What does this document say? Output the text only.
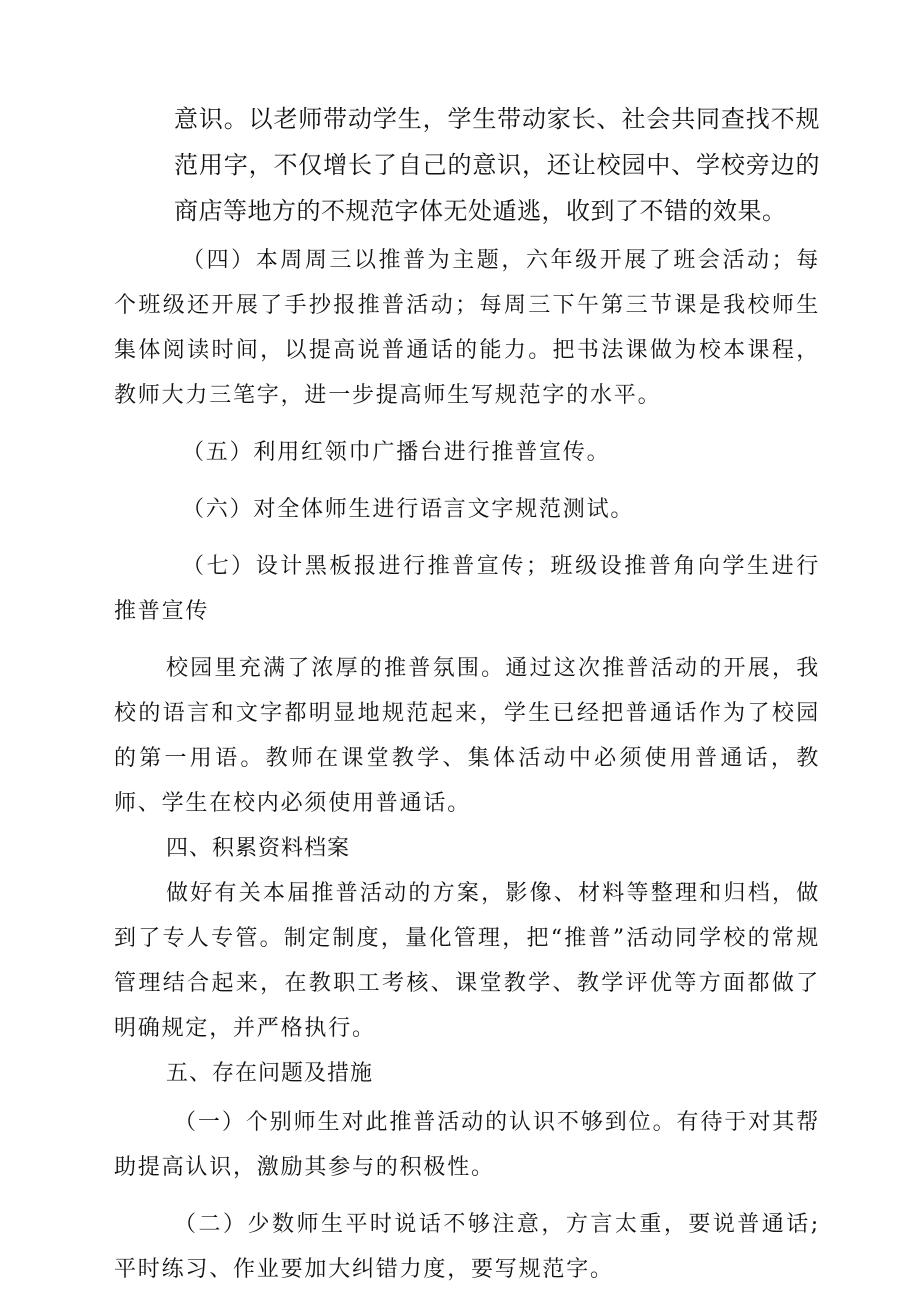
意识。以老师带动学生，学生带动家长、社会共同查找不规范用字，不仅增长了自己的意识，还让校园中、学校旁边的商店等地方的不规范字体无处遁逃，收到了不错的效果。

（四）本周周三以推普为主题，六年级开展了班会活动；每个班级还开展了手抄报推普活动；每周三下午第三节课是我校师生集体阅读时间，以提高说普通话的能力。把书法课做为校本课程，教师大力三笔字，进一步提高师生写规范字的水平。

（五）利用红领巾广播台进行推普宣传。

（六）对全体师生进行语言文字规范测试。

（七）设计黑板报进行推普宣传；班级设推普角向学生进行推普宣传

校园里充满了浓厚的推普氛围。通过这次推普活动的开展，我校的语言和文字都明显地规范起来，学生已经把普通话作为了校园的第一用语。教师在课堂教学、集体活动中必须使用普通话，教师、学生在校内必须使用普通话。

四、积累资料档案

做好有关本届推普活动的方案，影像、材料等整理和归档，做到了专人专管。制定制度，量化管理，把“推普”活动同学校的常规管理结合起来，在教职工考核、课堂教学、教学评优等方面都做了明确规定，并严格执行。

五、存在问题及措施

（一）个别师生对此推普活动的认识不够到位。有待于对其帮助提高认识，激励其参与的积极性。

（二）少数师生平时说话不够注意，方言太重，要说普通话;平时练习、作业要加大纠错力度，要写规范字。
